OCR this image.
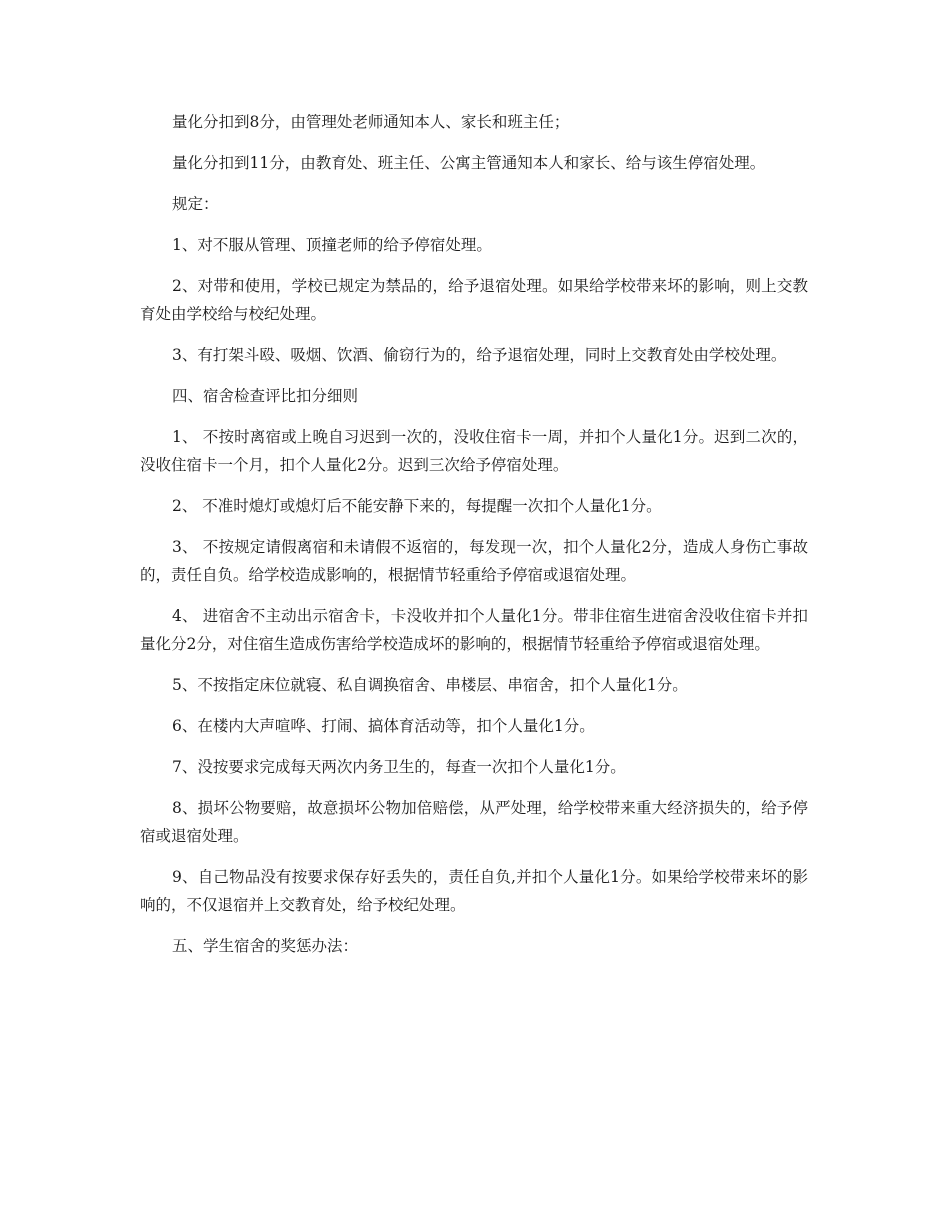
量化分扣到8分，由管理处老师通知本人、家长和班主任；

量化分扣到11分，由教育处、班主任、公寓主管通知本人和家长、给与该生停宿处理。

规定：

1、对不服从管理、顶撞老师的给予停宿处理。

2、对带和使用，学校已规定为禁品的，给予退宿处理。如果给学校带来坏的影响，则上交教育处由学校给与校纪处理。

3、有打架斗殴、吸烟、饮酒、偷窃行为的，给予退宿处理，同时上交教育处由学校处理。

四、宿舍检查评比扣分细则

1、 不按时离宿或上晚自习迟到一次的，没收住宿卡一周，并扣个人量化1分。迟到二次的， 没收住宿卡一个月，扣个人量化2分。迟到三次给予停宿处理。

2、 不准时熄灯或熄灯后不能安静下来的，每提醒一次扣个人量化1分。

3、 不按规定请假离宿和未请假不返宿的，每发现一次，扣个人量化2分，造成人身伤亡事故的，责任自负。给学校造成影响的，根据情节轻重给予停宿或退宿处理。

4、 进宿舍不主动出示宿舍卡，卡没收并扣个人量化1分。带非住宿生进宿舍没收住宿卡并扣量化分2分，对住宿生造成伤害给学校造成坏的影响的，根据情节轻重给予停宿或退宿处理。

5、不按指定床位就寝、私自调换宿舍、串楼层、串宿舍，扣个人量化1分。

6、在楼内大声喧哗、打闹、搞体育活动等，扣个人量化1分。

7、没按要求完成每天两次内务卫生的，每查一次扣个人量化1分。

8、损坏公物要赔，故意损坏公物加倍赔偿，从严处理，给学校带来重大经济损失的，给予停宿或退宿处理。

9、自己物品没有按要求保存好丢失的，责任自负,并扣个人量化1分。如果给学校带来坏的影响的，不仅退宿并上交教育处，给予校纪处理。

五、学生宿舍的奖惩办法：
